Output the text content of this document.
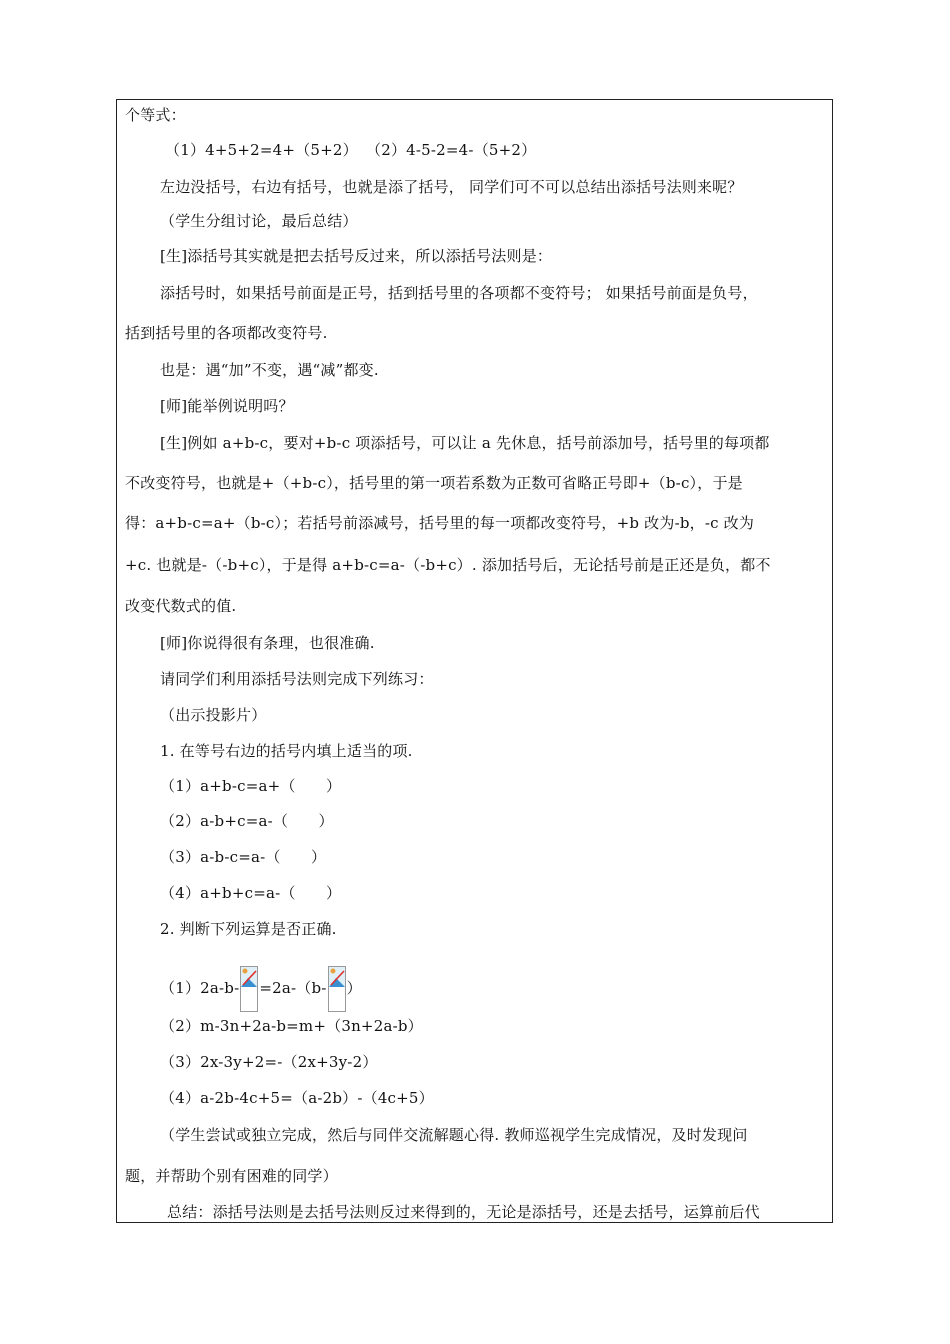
个等式：
（1）4+5+2=4+（5+2） （2）4-5-2=4-（5+2）
左边没括号，右边有括号，也就是添了括号， 同学们可不可以总结出添括号法则来呢？
（学生分组讨论，最后总结）
[生]添括号其实就是把去括号反过来，所以添括号法则是：
添括号时，如果括号前面是正号，括到括号里的各项都不变符号； 如果括号前面是负号，
括到括号里的各项都改变符号.
也是：遇“加”不变，遇“减”都变.
[师]能举例说明吗？
[生]例如 a+b-c，要对+b-c 项添括号，可以让 a 先休息，括号前添加号，括号里的每项都
不改变符号，也就是+（+b-c），括号里的第一项若系数为正数可省略正号即+（b-c），于是
得：a+b-c=a+（b-c）；若括号前添减号，括号里的每一项都改变符号，+b 改为-b，-c 改为
+c. 也就是-（-b+c），于是得 a+b-c=a-（-b+c）. 添加括号后，无论括号前是正还是负，都不
改变代数式的值.
[师]你说得很有条理，也很准确.
请同学们利用添括号法则完成下列练习：
（出示投影片）
1. 在等号右边的括号内填上适当的项.
（1）a+b-c=a+（　　）
（2）a-b+c=a-（　　）
（3）a-b-c=a-（　　）
（4）a+b+c=a-（　　）
2. 判断下列运算是否正确.
（1）2a-b- =2a-（b- ）
（2）m-3n+2a-b=m+（3n+2a-b）
（3）2x-3y+2=-（2x+3y-2）
（4）a-2b-4c+5=（a-2b）-（4c+5）
（学生尝试或独立完成，然后与同伴交流解题心得. 教师巡视学生完成情况，及时发现问
题，并帮助个别有困难的同学）
总结：添括号法则是去括号法则反过来得到的，无论是添括号，还是去括号，运算前后代
